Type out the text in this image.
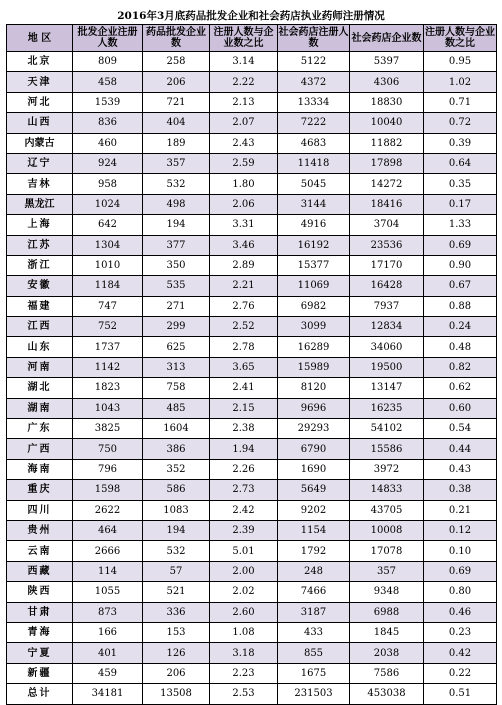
2016年3月底药品批发企业和社会药店执业药师注册情况
地 区	批发企业注册人数	药品批发企业数	注册人数与企业数之比	社会药店注册人数	社会药店企业数	注册人数与企业数之比
北京	809	258	3.14	5122	5397	0.95
天津	458	206	2.22	4372	4306	1.02
河北	1539	721	2.13	13334	18830	0.71
山西	836	404	2.07	7222	10040	0.72
内蒙古	460	189	2.43	4683	11882	0.39
辽宁	924	357	2.59	11418	17898	0.64
吉林	958	532	1.80	5045	14272	0.35
黑龙江	1024	498	2.06	3144	18416	0.17
上海	642	194	3.31	4916	3704	1.33
江苏	1304	377	3.46	16192	23536	0.69
浙江	1010	350	2.89	15377	17170	0.90
安徽	1184	535	2.21	11069	16428	0.67
福建	747	271	2.76	6982	7937	0.88
江西	752	299	2.52	3099	12834	0.24
山东	1737	625	2.78	16289	34060	0.48
河南	1142	313	3.65	15989	19500	0.82
湖北	1823	758	2.41	8120	13147	0.62
湖南	1043	485	2.15	9696	16235	0.60
广东	3825	1604	2.38	29293	54102	0.54
广西	750	386	1.94	6790	15586	0.44
海南	796	352	2.26	1690	3972	0.43
重庆	1598	586	2.73	5649	14833	0.38
四川	2622	1083	2.42	9202	43705	0.21
贵州	464	194	2.39	1154	10008	0.12
云南	2666	532	5.01	1792	17078	0.10
西藏	114	57	2.00	248	357	0.69
陕西	1055	521	2.02	7466	9348	0.80
甘肃	873	336	2.60	3187	6988	0.46
青海	166	153	1.08	433	1845	0.23
宁夏	401	126	3.18	855	2038	0.42
新疆	459	206	2.23	1675	7586	0.22
总计	34181	13508	2.53	231503	453038	0.51
